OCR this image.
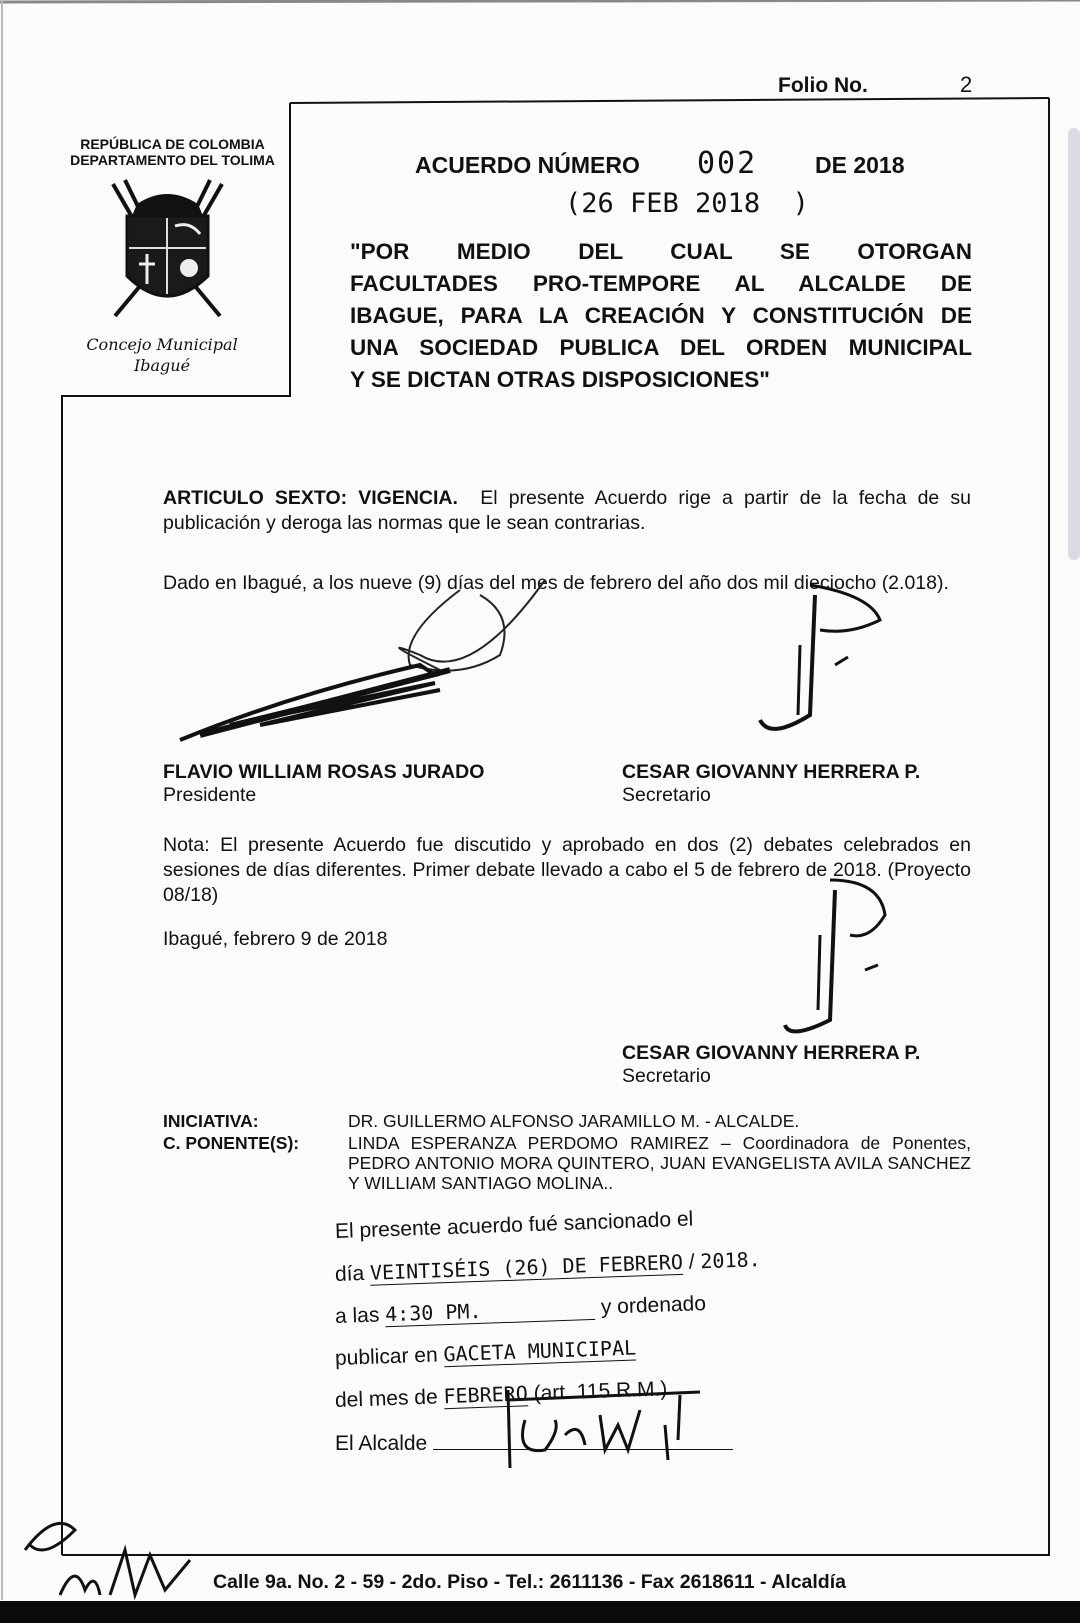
Folio No.	2
REPÚBLICA DE COLOMBIA
DEPARTAMENTO DEL TOLIMA
Concejo Municipal
Ibagué
ACUERDO NÚMERO 002	DE 2018
(26 FEB 2018  )
"POR MEDIO DEL CUAL SE OTORGAN
FACULTADES PRO-TEMPORE AL ALCALDE DE
IBAGUE, PARA LA CREACIÓN Y CONSTITUCIÓN DE
UNA SOCIEDAD PUBLICA DEL ORDEN MUNICIPAL
Y SE DICTAN OTRAS DISPOSICIONES"
ARTICULO SEXTO: VIGENCIA. El presente Acuerdo rige a partir de la fecha de su publicación y deroga las normas que le sean contrarias.
Dado en Ibagué, a los nueve (9) días del mes de febrero del año dos mil dieciocho (2.018).
FLAVIO WILLIAM ROSAS JURADO
Presidente
CESAR GIOVANNY HERRERA P.
Secretario
Nota: El presente Acuerdo fue discutido y aprobado en dos (2) debates celebrados en sesiones de días diferentes. Primer debate llevado a cabo el 5 de febrero de 2018. (Proyecto 08/18)
Ibagué, febrero 9 de 2018
CESAR GIOVANNY HERRERA P.
Secretario
INICIATIVA:	DR. GUILLERMO ALFONSO JARAMILLO M. - ALCALDE.
C. PONENTE(S):	LINDA ESPERANZA PERDOMO RAMIREZ – Coordinadora de Ponentes, PEDRO ANTONIO MORA QUINTERO, JUAN EVANGELISTA AVILA SANCHEZ Y WILLIAM SANTIAGO MOLINA..
El presente acuerdo fué sancionado el
día VEINTISÉIS (26) DE FEBRERO / 2018.
a las 4:30 PM.	y ordenado
publicar en GACETA MUNICIPAL
del mes de FEBRERO (art. 115 R.M.)
El Alcalde
Calle 9a. No. 2 - 59 - 2do. Piso - Tel.: 2611136 - Fax 2618611 - Alcaldía
